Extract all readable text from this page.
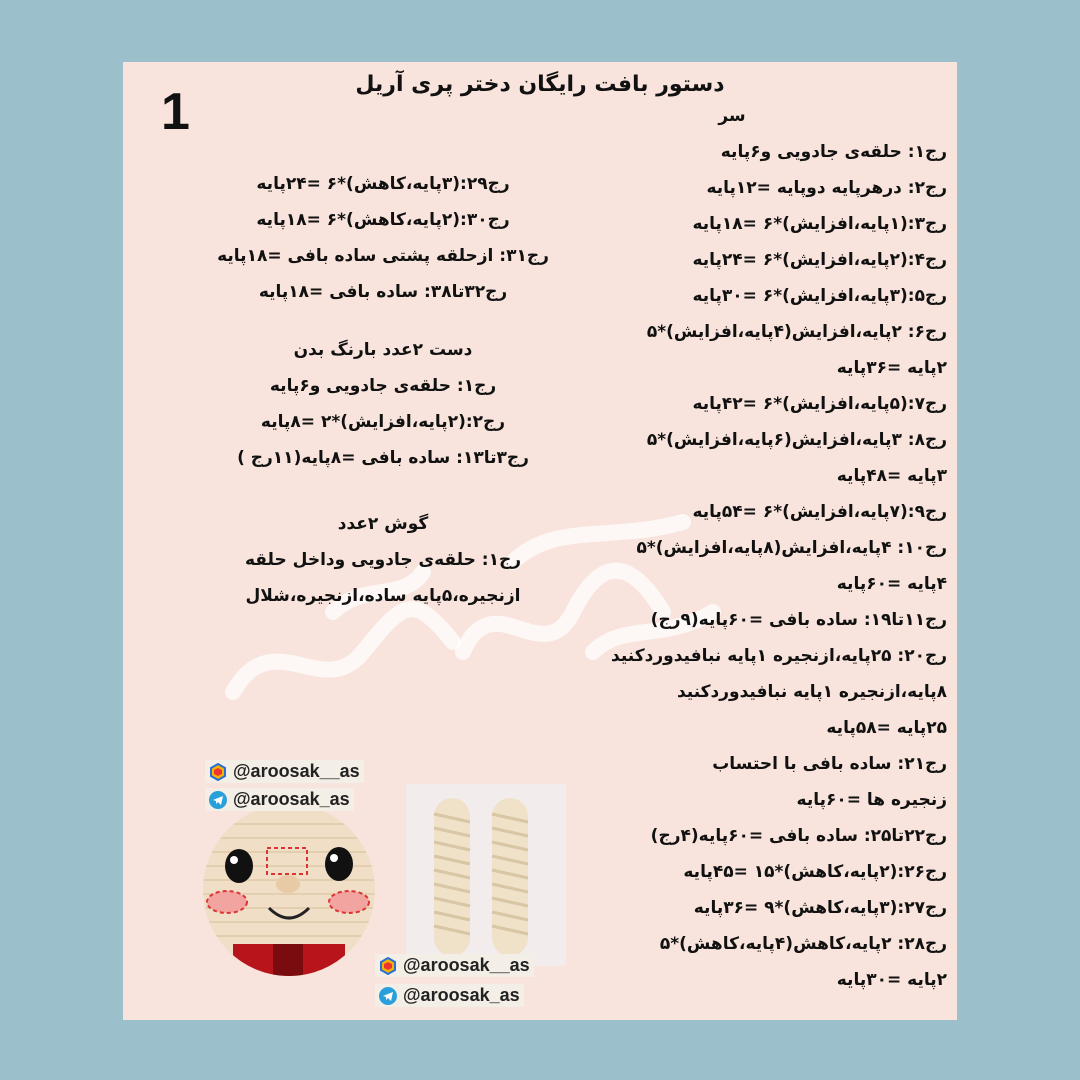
1	دستور بافت رایگان دختر پری آریل
سر
رج۱: حلقه‌ی جادویی و۶پایه
رج۲: درهرپایه دوپایه =۱۲پایه
رج۳:(۱پایه،افزایش)*۶ =۱۸پایه
رج۴:(۲پایه،افزایش)*۶ =۲۴پایه
رج۵:(۳پایه،افزایش)*۶ =۳۰پایه
رج۶: ۲پایه،افزایش(۴پایه،افزایش)*۵
۲پایه =۳۶پایه
رج۷:(۵پایه،افزایش)*۶ =۴۲پایه
رج۸: ۳پایه،افزایش(۶پایه،افزایش)*۵
۳پایه =۴۸پایه
رج۹:(۷پایه،افزایش)*۶ =۵۴پایه
رج۱۰: ۴پایه،افزایش(۸پایه،افزایش)*۵
۴پایه =۶۰پایه
رج۱۱تا۱۹: ساده بافی =۶۰پایه(۹رج)
رج۲۰: ۲۵پایه،ازنجیره ۱پایه نبافیدوردکنید
۸پایه،ازنجیره ۱پایه نبافیدوردکنید
۲۵پایه =۵۸پایه
رج۲۱: ساده بافی با احتساب
زنجیره ها =۶۰پایه
رج۲۲تا۲۵: ساده بافی =۶۰پایه(۴رج)
رج۲۶:(۲پایه،کاهش)*۱۵ =۴۵پایه
رج۲۷:(۳پایه،کاهش)*۹ =۳۶پایه
رج۲۸: ۲پایه،کاهش(۴پایه،کاهش)*۵
۲پایه =۳۰پایه
رج۲۹:(۳پایه،کاهش)*۶ =۲۴پایه
رج۳۰:(۲پایه،کاهش)*۶ =۱۸پایه
رج۳۱: ازحلقه پشتی ساده بافی =۱۸پایه
رج۳۲تا۳۸: ساده بافی =۱۸پایه
دست ۲عدد بارنگ بدن
رج۱: حلقه‌ی جادویی و۶پایه
رج۲:(۲پایه،افزایش)*۲ =۸پایه
رج۳تا۱۳: ساده بافی =۸پایه(۱۱رج )
گوش ۲عدد
رج۱: حلقه‌ی جادویی وداخل حلقه
ازنجیره،۵پایه ساده،ازنجیره،شلال
@aroosak__as
@aroosak_as
@aroosak__as
@aroosak_as
